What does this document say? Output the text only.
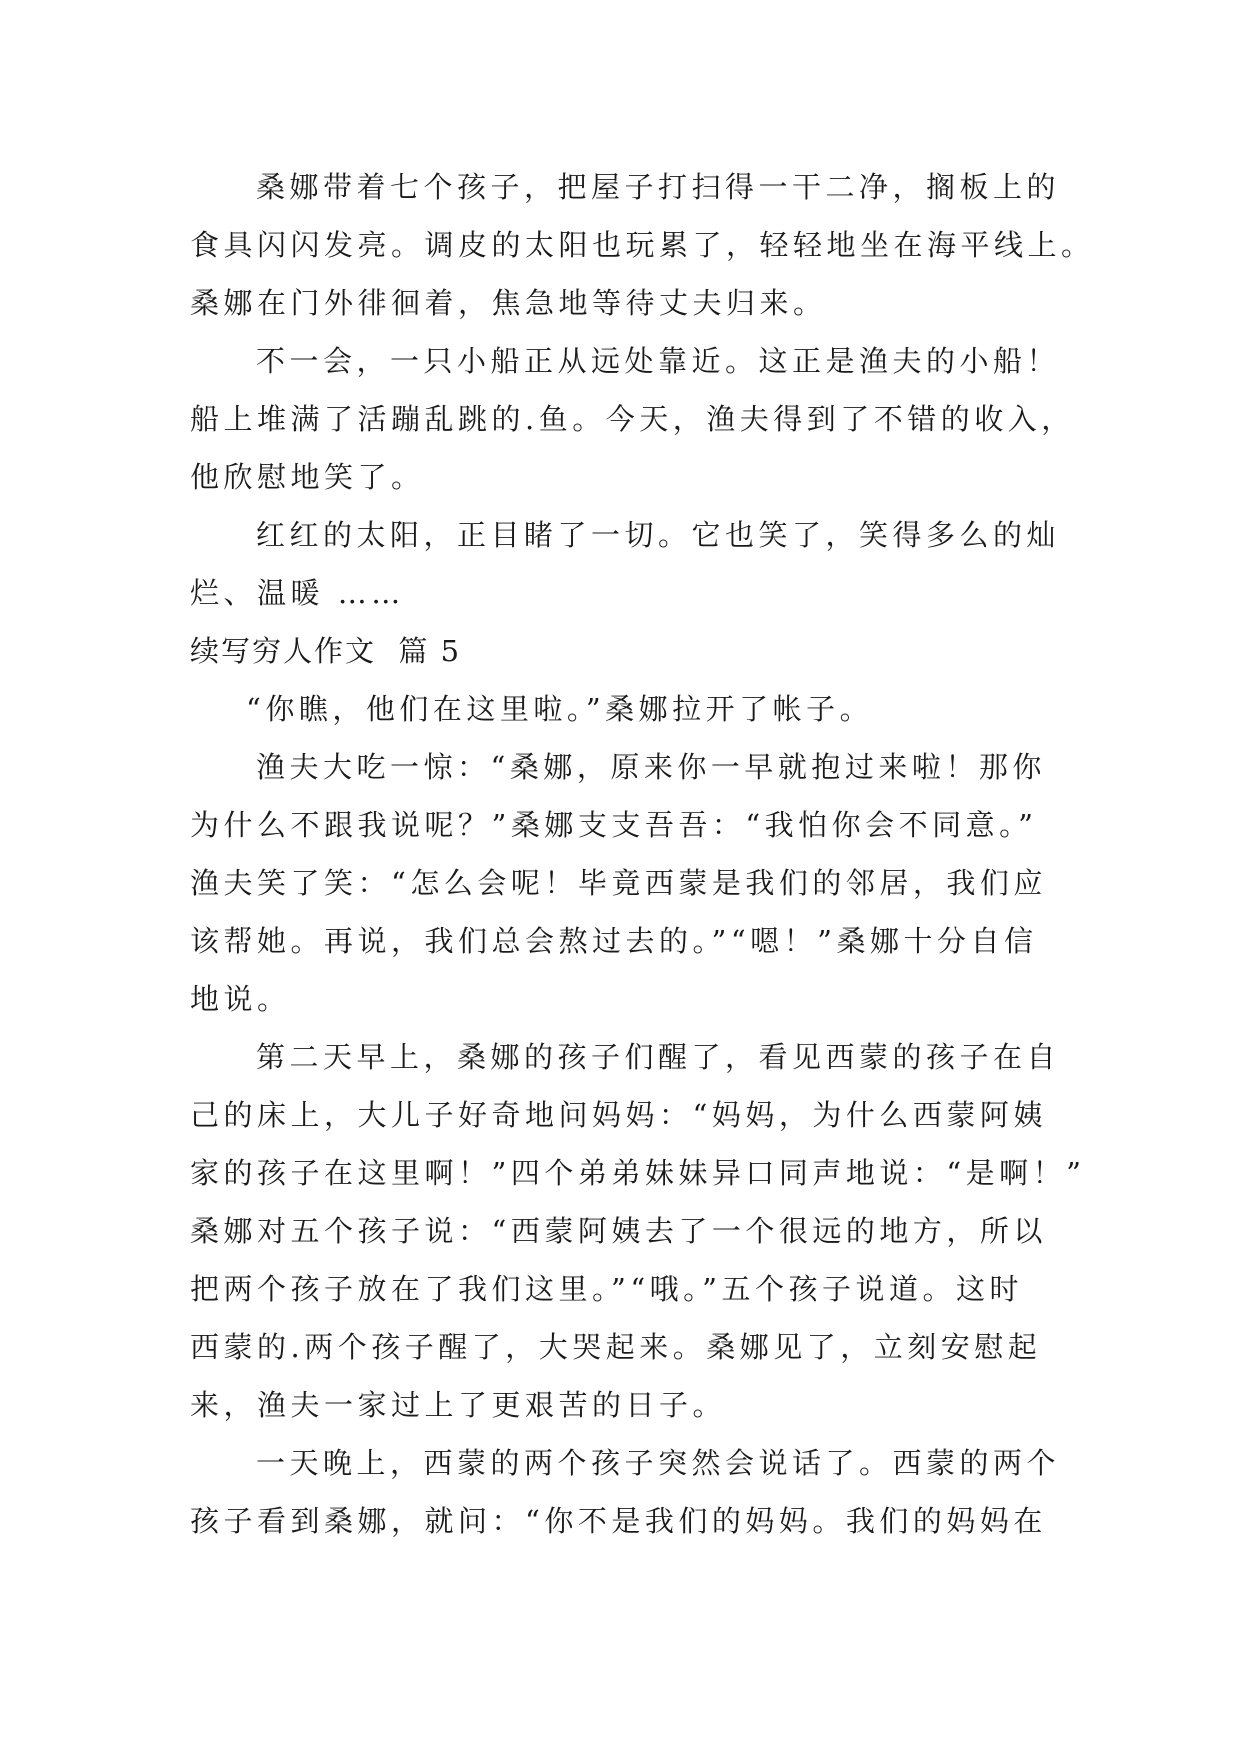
桑娜带着七个孩子，把屋子打扫得一干二净，搁板上的
食具闪闪发亮。调皮的太阳也玩累了，轻轻地坐在海平线上。
桑娜在门外徘徊着，焦急地等待丈夫归来。
不一会，一只小船正从远处靠近。这正是渔夫的小船！
船上堆满了活蹦乱跳的.鱼。今天，渔夫得到了不错的收入，
他欣慰地笑了。
红红的太阳，正目睹了一切。它也笑了，笑得多么的灿
烂、温暖 ……
续写穷人作文  篇 5
“你瞧，他们在这里啦。”桑娜拉开了帐子。
渔夫大吃一惊：“桑娜，原来你一早就抱过来啦！那你
为什么不跟我说呢？”桑娜支支吾吾：“我怕你会不同意。”
渔夫笑了笑：“怎么会呢！毕竟西蒙是我们的邻居，我们应
该帮她。再说，我们总会熬过去的。”“嗯！”桑娜十分自信
地说。
第二天早上，桑娜的孩子们醒了，看见西蒙的孩子在自
己的床上，大儿子好奇地问妈妈：“妈妈，为什么西蒙阿姨
家的孩子在这里啊！”四个弟弟妹妹异口同声地说：“是啊！”
桑娜对五个孩子说：“西蒙阿姨去了一个很远的地方，所以
把两个孩子放在了我们这里。”“哦。”五个孩子说道。这时
西蒙的.两个孩子醒了，大哭起来。桑娜见了，立刻安慰起
来，渔夫一家过上了更艰苦的日子。
一天晚上，西蒙的两个孩子突然会说话了。西蒙的两个
孩子看到桑娜，就问：“你不是我们的妈妈。我们的妈妈在
